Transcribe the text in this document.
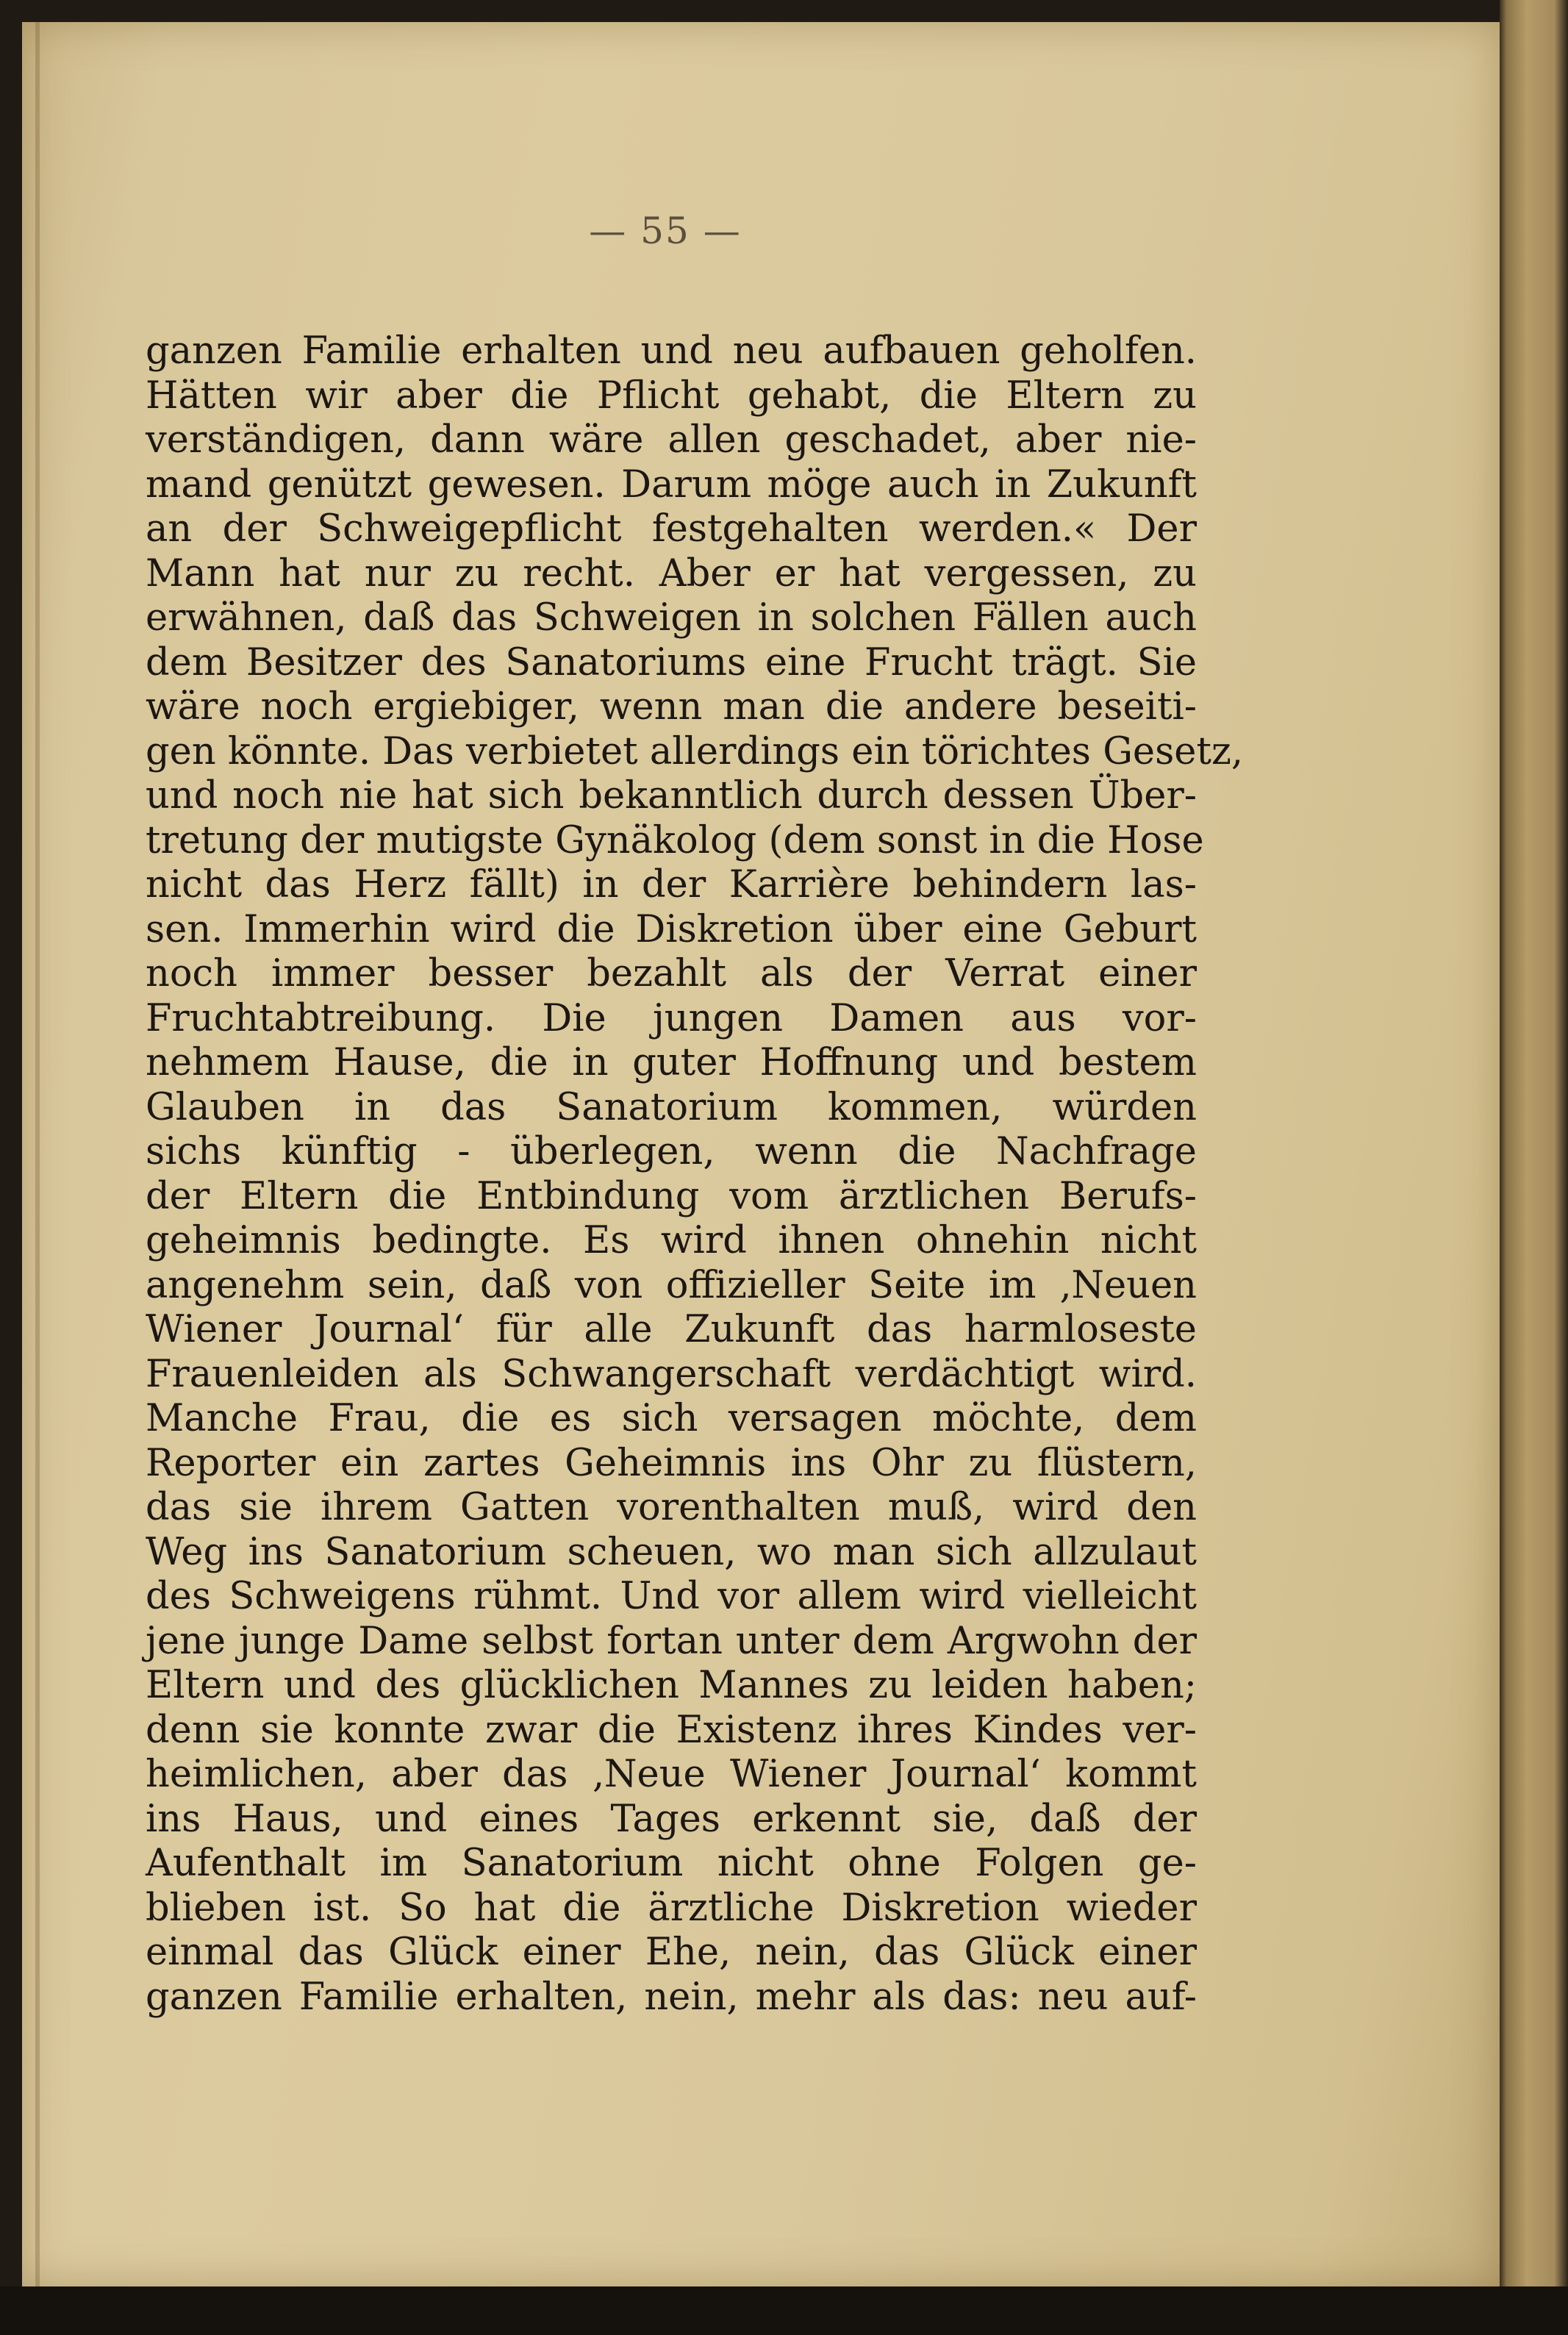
— 55 —
ganzen Familie erhalten und neu aufbauen geholfen.
Hätten wir aber die Pflicht gehabt, die Eltern zu
verständigen, dann wäre allen geschadet, aber nie-
mand genützt gewesen. Darum möge auch in Zukunft
an der Schweigepflicht festgehalten werden.« Der
Mann hat nur zu recht. Aber er hat vergessen, zu
erwähnen, daß das Schweigen in solchen Fällen auch
dem Besitzer des Sanatoriums eine Frucht trägt. Sie
wäre noch ergiebiger, wenn man die andere beseiti-
gen könnte. Das verbietet allerdings ein törichtes Gesetz,
und noch nie hat sich bekanntlich durch dessen Über-
tretung der mutigste Gynäkolog (dem sonst in die Hose
nicht das Herz fällt) in der Karrière behindern las-
sen. Immerhin wird die Diskretion über eine Geburt
noch immer besser bezahlt als der Verrat einer
Fruchtabtreibung. Die jungen Damen aus vor-
nehmem Hause, die in guter Hoffnung und bestem
Glauben in das Sanatorium kommen, würden
sichs künftig - überlegen, wenn die Nachfrage
der Eltern die Entbindung vom ärztlichen Berufs-
geheimnis bedingte. Es wird ihnen ohnehin nicht
angenehm sein, daß von offizieller Seite im ‚Neuen
Wiener Journal‘ für alle Zukunft das harmloseste
Frauenleiden als Schwangerschaft verdächtigt wird.
Manche Frau, die es sich versagen möchte, dem
Reporter ein zartes Geheimnis ins Ohr zu flüstern,
das sie ihrem Gatten vorenthalten muß, wird den
Weg ins Sanatorium scheuen, wo man sich allzulaut
des Schweigens rühmt. Und vor allem wird vielleicht
jene junge Dame selbst fortan unter dem Argwohn der
Eltern und des glücklichen Mannes zu leiden haben;
denn sie konnte zwar die Existenz ihres Kindes ver-
heimlichen, aber das ‚Neue Wiener Journal‘ kommt
ins Haus, und eines Tages erkennt sie, daß der
Aufenthalt im Sanatorium nicht ohne Folgen ge-
blieben ist. So hat die ärztliche Diskretion wieder
einmal das Glück einer Ehe, nein, das Glück einer
ganzen Familie erhalten, nein, mehr als das: neu auf-
